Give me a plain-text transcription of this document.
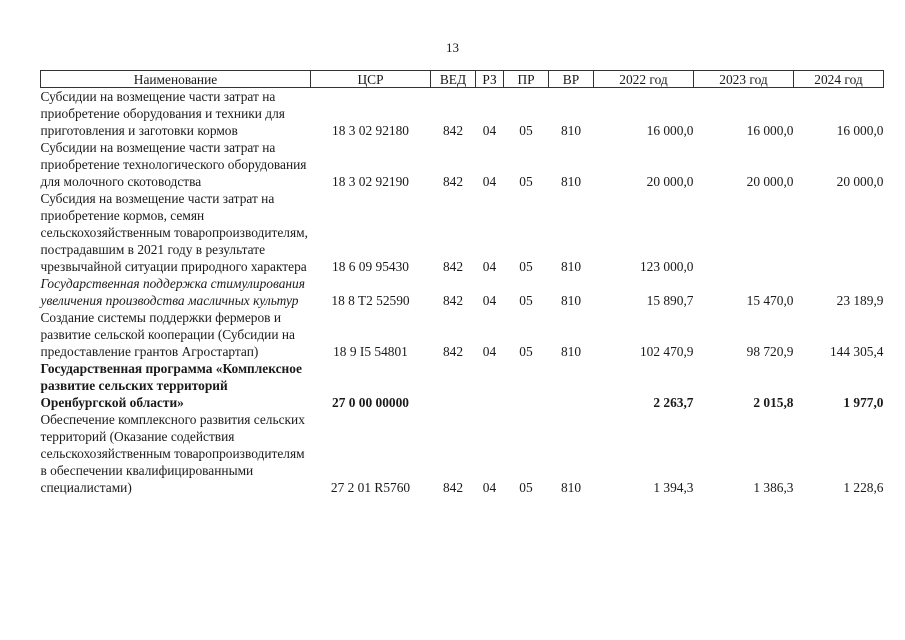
13
Наименование	ЦСР	ВЕД	РЗ	ПР	ВР	2022 год	2023 год	2024 год
Субсидии на возмещение части затрат на приобретение оборудования и техники для приготовления и заготовки кормов	18 3 02 92180	842	04	05	810	16 000,0	16 000,0	16 000,0
Субсидии на возмещение части затрат на приобретение технологического оборудования для молочного скотоводства	18 3 02 92190	842	04	05	810	20 000,0	20 000,0	20 000,0
Субсидия на возмещение части затрат на приобретение кормов, семян сельскохозяйственным товаропроизводителям, пострадавшим в 2021 году в результате чрезвычайной ситуации природного характера	18 6 09 95430	842	04	05	810	123 000,0		
Государственная поддержка стимулирования увеличения производства масличных культур	18 8 T2 52590	842	04	05	810	15 890,7	15 470,0	23 189,9
Создание системы поддержки фермеров и развитие сельской кооперации (Субсидии на предоставление грантов Агростартап)	18 9 I5 54801	842	04	05	810	102 470,9	98 720,9	144 305,4
Государственная программа «Комплексное развитие сельских территорий Оренбургской области»	27 0 00 00000					2 263,7	2 015,8	1 977,0
Обеспечение комплексного развития сельских территорий (Оказание содействия сельскохозяйственным товаропроизводителям в обеспечении квалифицированными специалистами)	27 2 01 R5760	842	04	05	810	1 394,3	1 386,3	1 228,6
